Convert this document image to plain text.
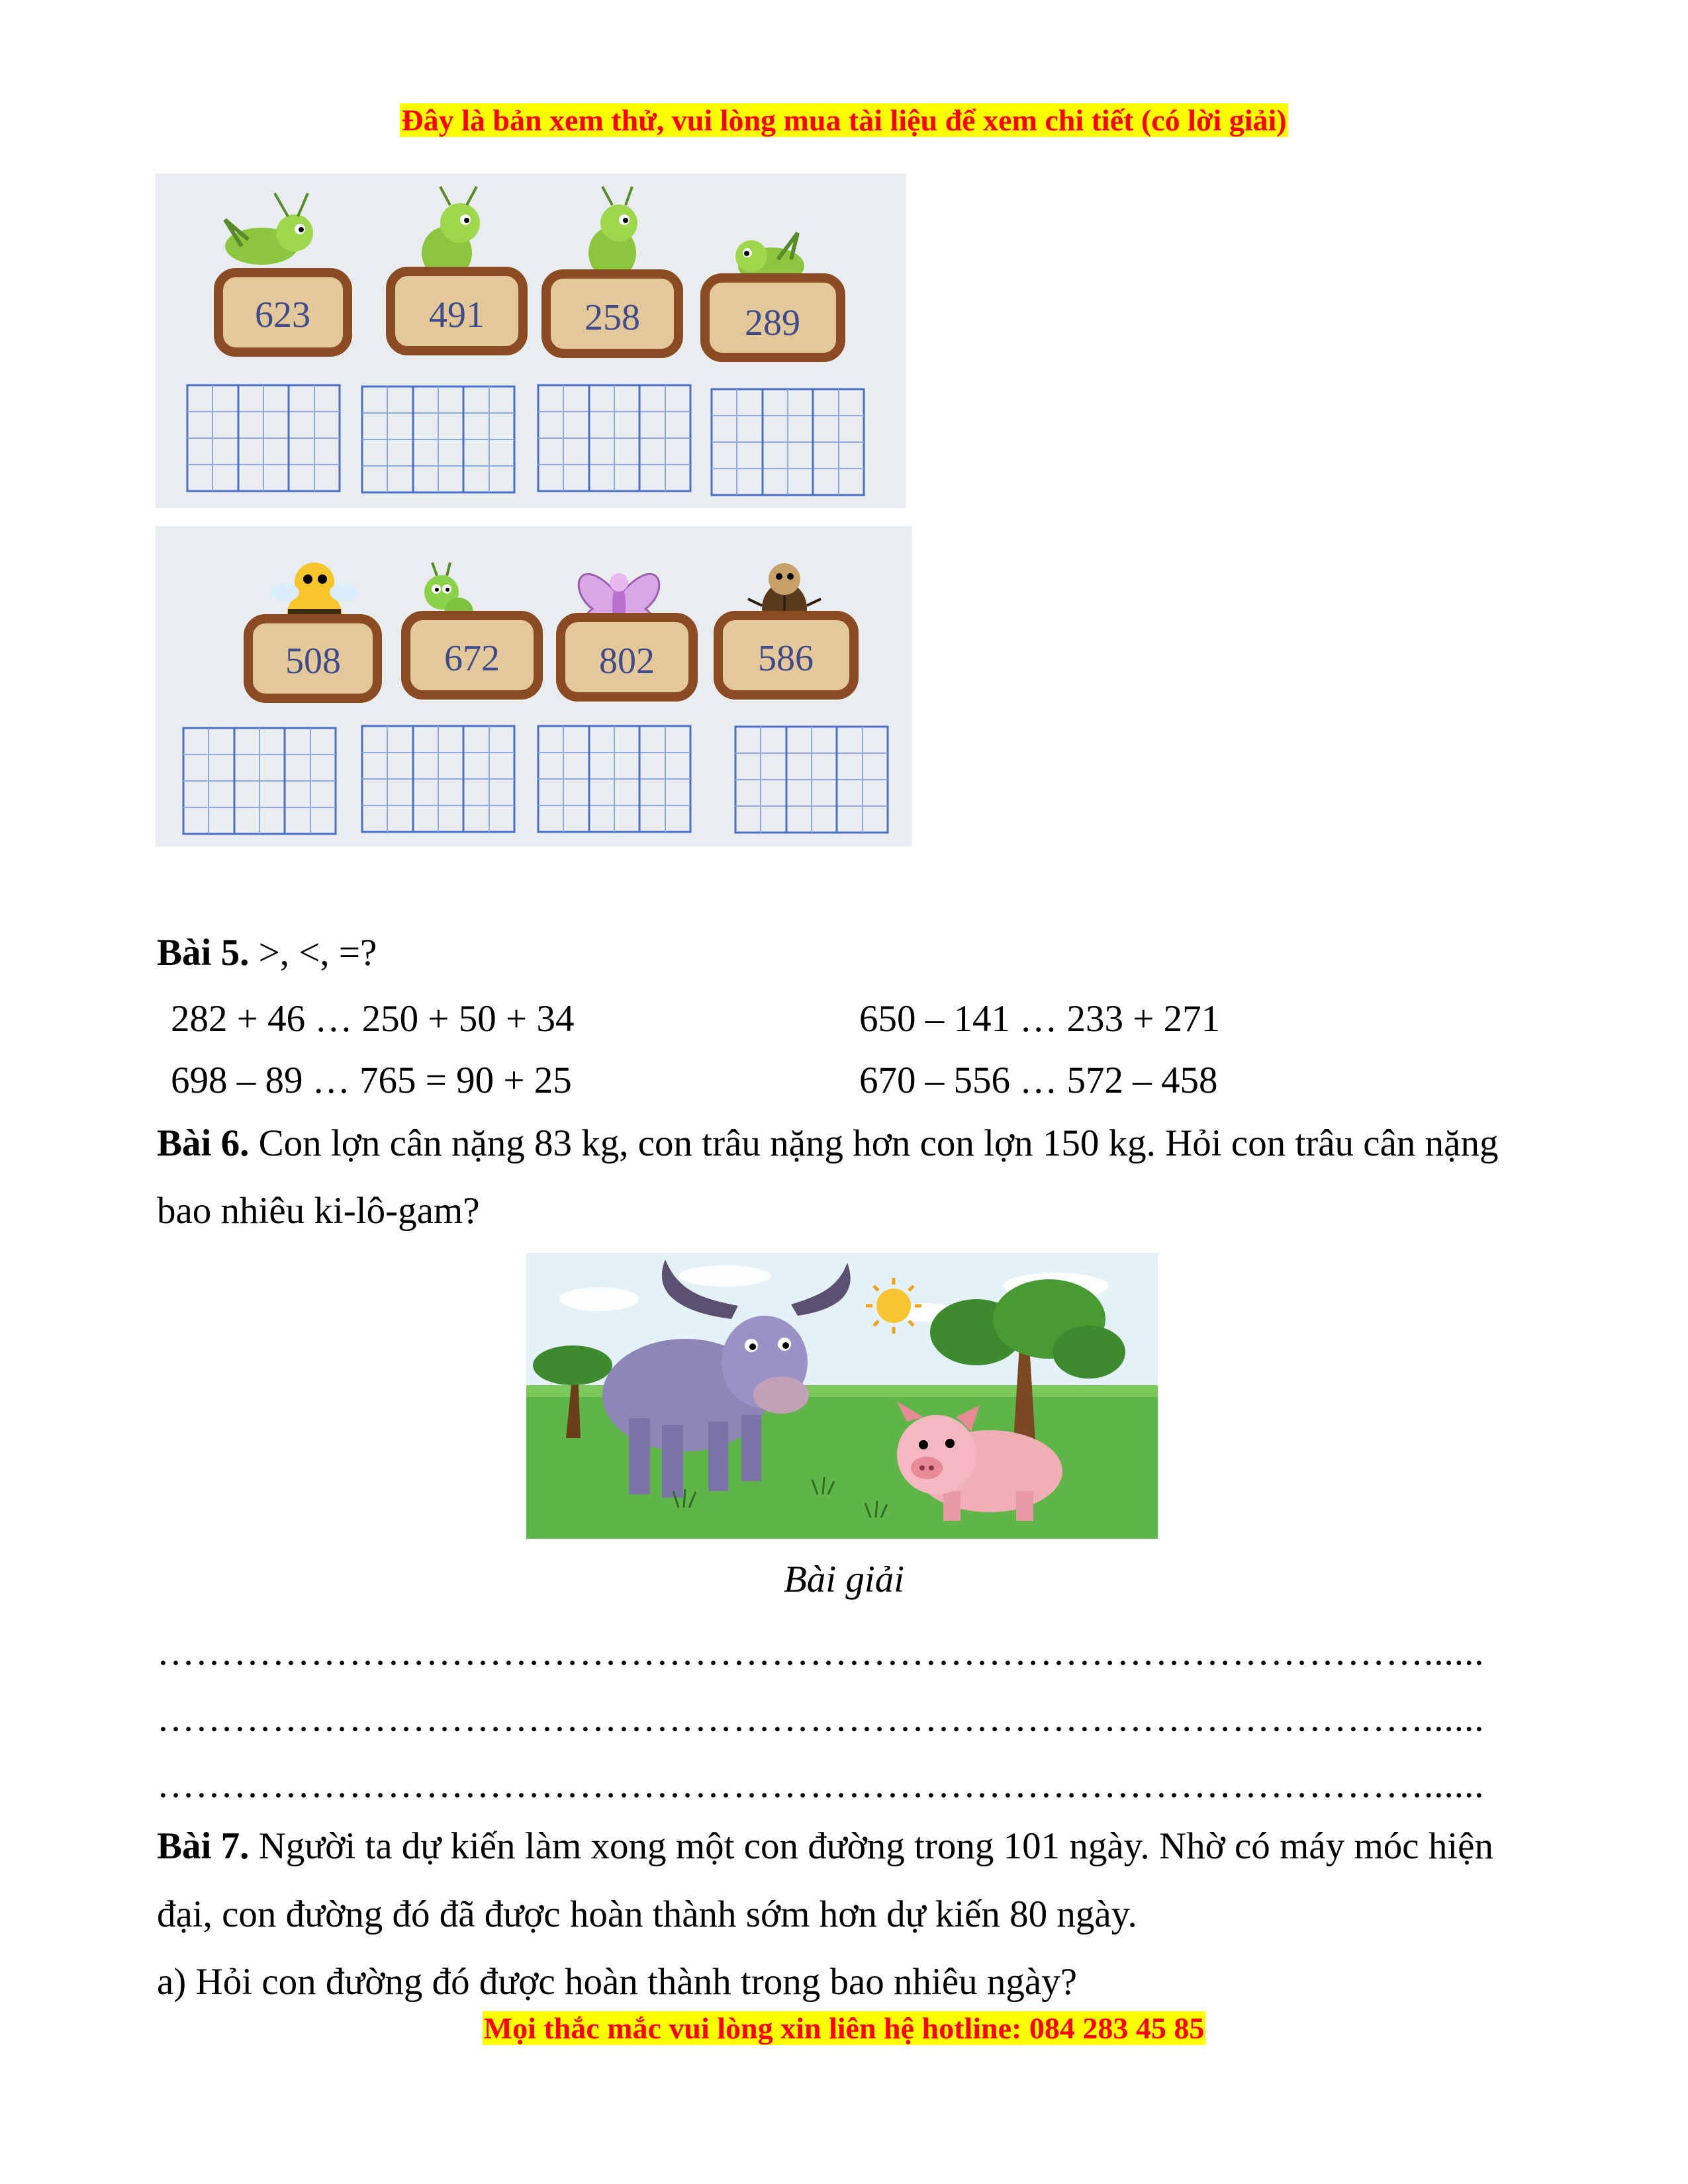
Đây là bản xem thử, vui lòng mua tài liệu để xem chi tiết (có lời giải)
623	491	258	289
508	672	802	586
Bài 5. >, <, =?
282 + 46 … 250 + 50 + 34	650 – 141 … 233 + 271
698 – 89 … 765 = 90 + 25	670 – 556 … 572 – 458
Bài 6. Con lợn cân nặng 83 kg, con trâu nặng hơn con lợn 150 kg. Hỏi con trâu cân nặng
bao nhiêu ki-lô-gam?
Bài giải
………………………………………………………………………………………......
………………………………………………………………………………………......
………………………………………………………………………………………......
Bài 7. Người ta dự kiến làm xong một con đường trong 101 ngày. Nhờ có máy móc hiện
đại, con đường đó đã được hoàn thành sớm hơn dự kiến 80 ngày.
a) Hỏi con đường đó được hoàn thành trong bao nhiêu ngày?
Mọi thắc mắc vui lòng xin liên hệ hotline: 084 283 45 85
